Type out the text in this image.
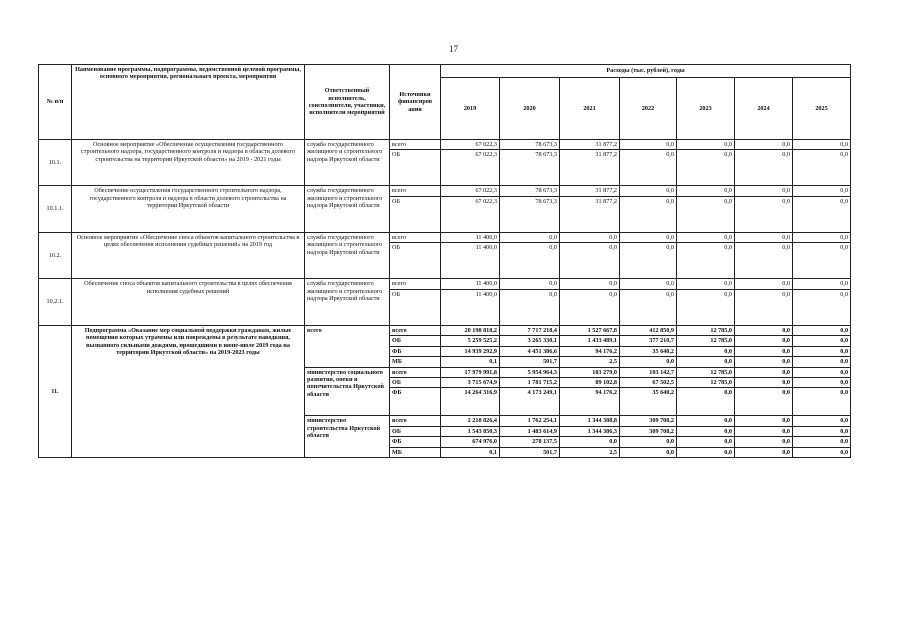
17
№ п/н	Наименование программы, подпрограммы, ведомственной целевой программы, основного мероприятия, региональнаго проекта, мероприятия	Ответственный исполнитель, соисполнители, участники, исполнители мероприятий	Источники финансиров ания	Расходы (тыс. рублей), годы						
				2019	2020	2021	2022	2023	2024	2025
10.1.	Основное мероприятие «Обеспечение осуществления государственного строительного надзора, государственного контроля и надзора в области долевого строительства на территории Иркутской области» на 2019 - 2021 годы	служба государственного жилищного и строительного надзора Иркутской области	всего	67 022,3	78 673,3	31 877,2	0,0	0,0	0,0	0,0
			ОБ	67 022,3	78 673,3	31 877,2	0,0	0,0	0,0	0,0
10.1.1.	Обеспечение осуществления государственного строительного надзора, государственного контроля и надзора в области долевого строительства на территории Иркутской области	служба государственного жилищного и строительного надзора Иркутской области	всего	67 022,3	78 673,3	31 877,2	0,0	0,0	0,0	0,0
			ОБ	67 022,3	78 673,3	31 877,2	0,0	0,0	0,0	0,0
10.2.	Основное мероприятие «Обеспечение сноса объектов капитального строительства в целях обеспечения исполнения судебных решений» на 2019 год	служба государственного жилищного и строительного надзора Иркутской области	всего	11 400,0	0,0	0,0	0,0	0,0	0,0	0,0
			ОБ	11 400,0	0,0	0,0	0,0	0,0	0,0	0,0
10.2.1.	Обеспечение сноса объектов капитального строительства в целях обеспечения исполнения судебных решений	служба государственного жилищного и строительного надзора Иркутской области	всего	11 400,0	0,0	0,0	0,0	0,0	0,0	0,0
			ОБ	11 400,0	0,0	0,0	0,0	0,0	0,0	0,0
11.	Подпрограмма «Оказание мер социальной поддержки гражданам, жилые помещения которых утрачены или повреждены в результате паводкния, вызванного сильными дождями, прошедшими в июне-июле 2019 года на территории Иркутской области» на 2019-2023 годы	всего	всего	20 198 818,2	7 717 218,4	1 527 667,8	412 850,9	12 785,0	0,0	0,0
			ОБ	5 259 525,2	3 265 330,1	1 433 489,1	377 210,7	12 785,0	0,0	0,0
			ФБ	14 939 292,9	4 451 386,6	94 176,2	35 640,2	0,0	0,0	0,0
			МБ	0,1	501,7	2,5	0,0	0,0	0,0	0,0
		министерство социального развития, опеки и попечительства Иркутской области	всего	17 979 991,8	5 954 964,3	183 279,0	103 142,7	12 785,0	0,0	0,0
			ОБ	3 715 674,9	1 781 715,2	89 102,8	67 502,5	12 785,0	0,0	0,0
			ФБ	14 264 316,9	4 173 249,1	94 176,2	35 640,2	0,0	0,0	0,0
		министерство строительства Иркутской области	всего	2 218 826,4	1 762 254,1	1 344 388,8	309 708,2	0,0	0,0	0,0
			ОБ	1 543 850,3	1 483 614,9	1 344 386,3	309 708,2	0,0	0,0	0,0
			ФБ	674 976,0	278 137,5	0,0	0,0	0,0	0,0	0,0
			МБ	0,1	501,7	2,5	0,0	0,0	0,0	0,0
